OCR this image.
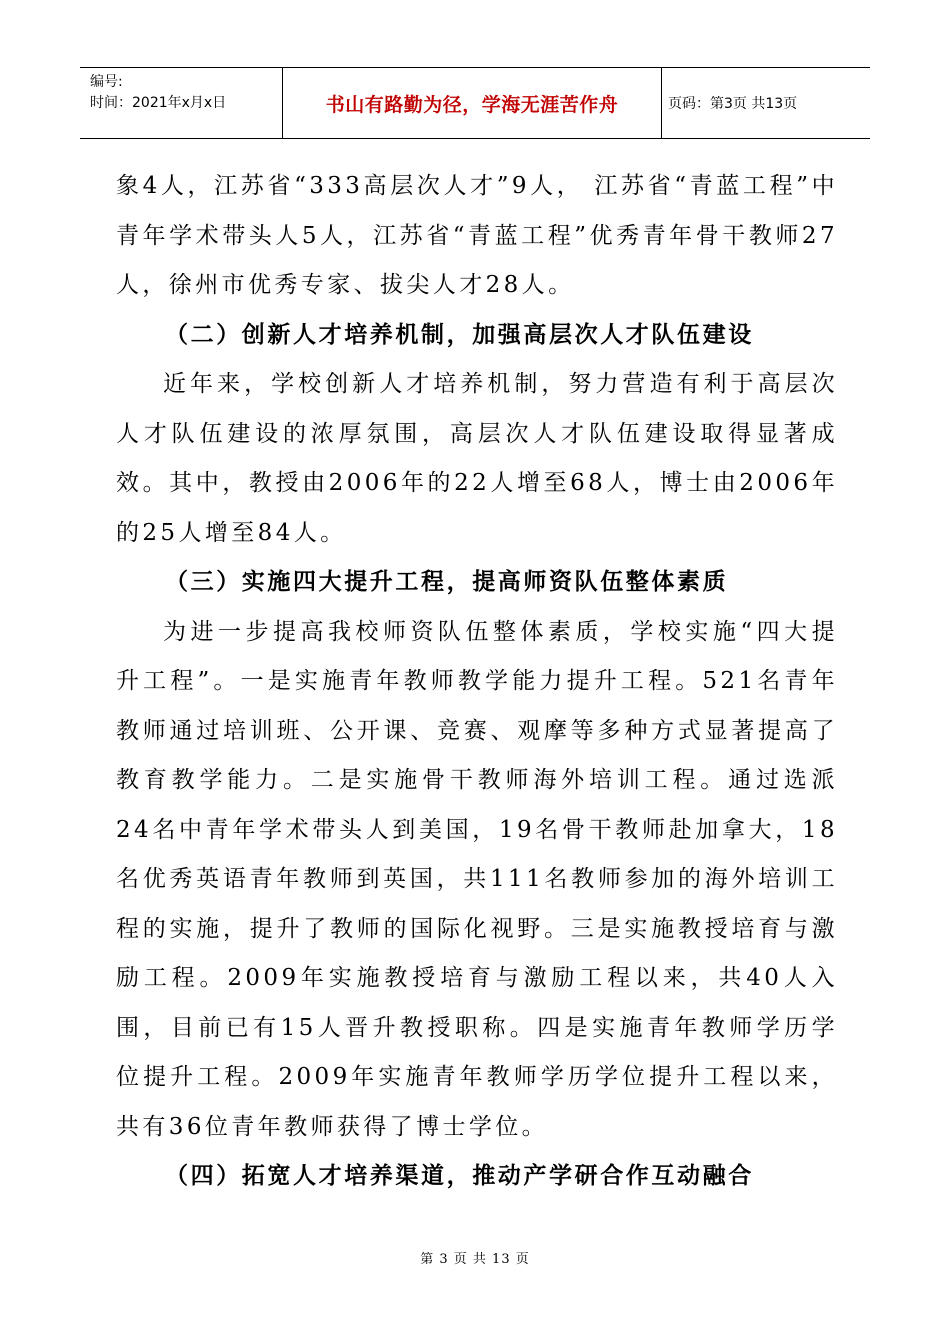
编号:
时间：2021年x月x日	书山有路勤为径，学海无涯苦作舟	页码：第3页 共13页

象4人，江苏省“333高层次人才”9人， 江苏省“青蓝工程”中青年学术带头人5人，江苏省“青蓝工程”优秀青年骨干教师27人，徐州市优秀专家、拔尖人才28人。

（二）创新人才培养机制，加强高层次人才队伍建设

近年来，学校创新人才培养机制，努力营造有利于高层次人才队伍建设的浓厚氛围，高层次人才队伍建设取得显著成效。其中，教授由2006年的22人增至68人，博士由2006年的25人增至84人。

（三）实施四大提升工程，提高师资队伍整体素质

为进一步提高我校师资队伍整体素质，学校实施“四大提升工程”。一是实施青年教师教学能力提升工程。521名青年教师通过培训班、公开课、竞赛、观摩等多种方式显著提高了教育教学能力。二是实施骨干教师海外培训工程。通过选派24名中青年学术带头人到美国，19名骨干教师赴加拿大，18名优秀英语青年教师到英国，共111名教师参加的海外培训工程的实施，提升了教师的国际化视野。三是实施教授培育与激励工程。2009年实施教授培育与激励工程以来，共40人入围，目前已有15人晋升教授职称。四是实施青年教师学历学位提升工程。2009年实施青年教师学历学位提升工程以来，共有36位青年教师获得了博士学位。

（四）拓宽人才培养渠道，推动产学研合作互动融合

第 3 页 共 13 页
